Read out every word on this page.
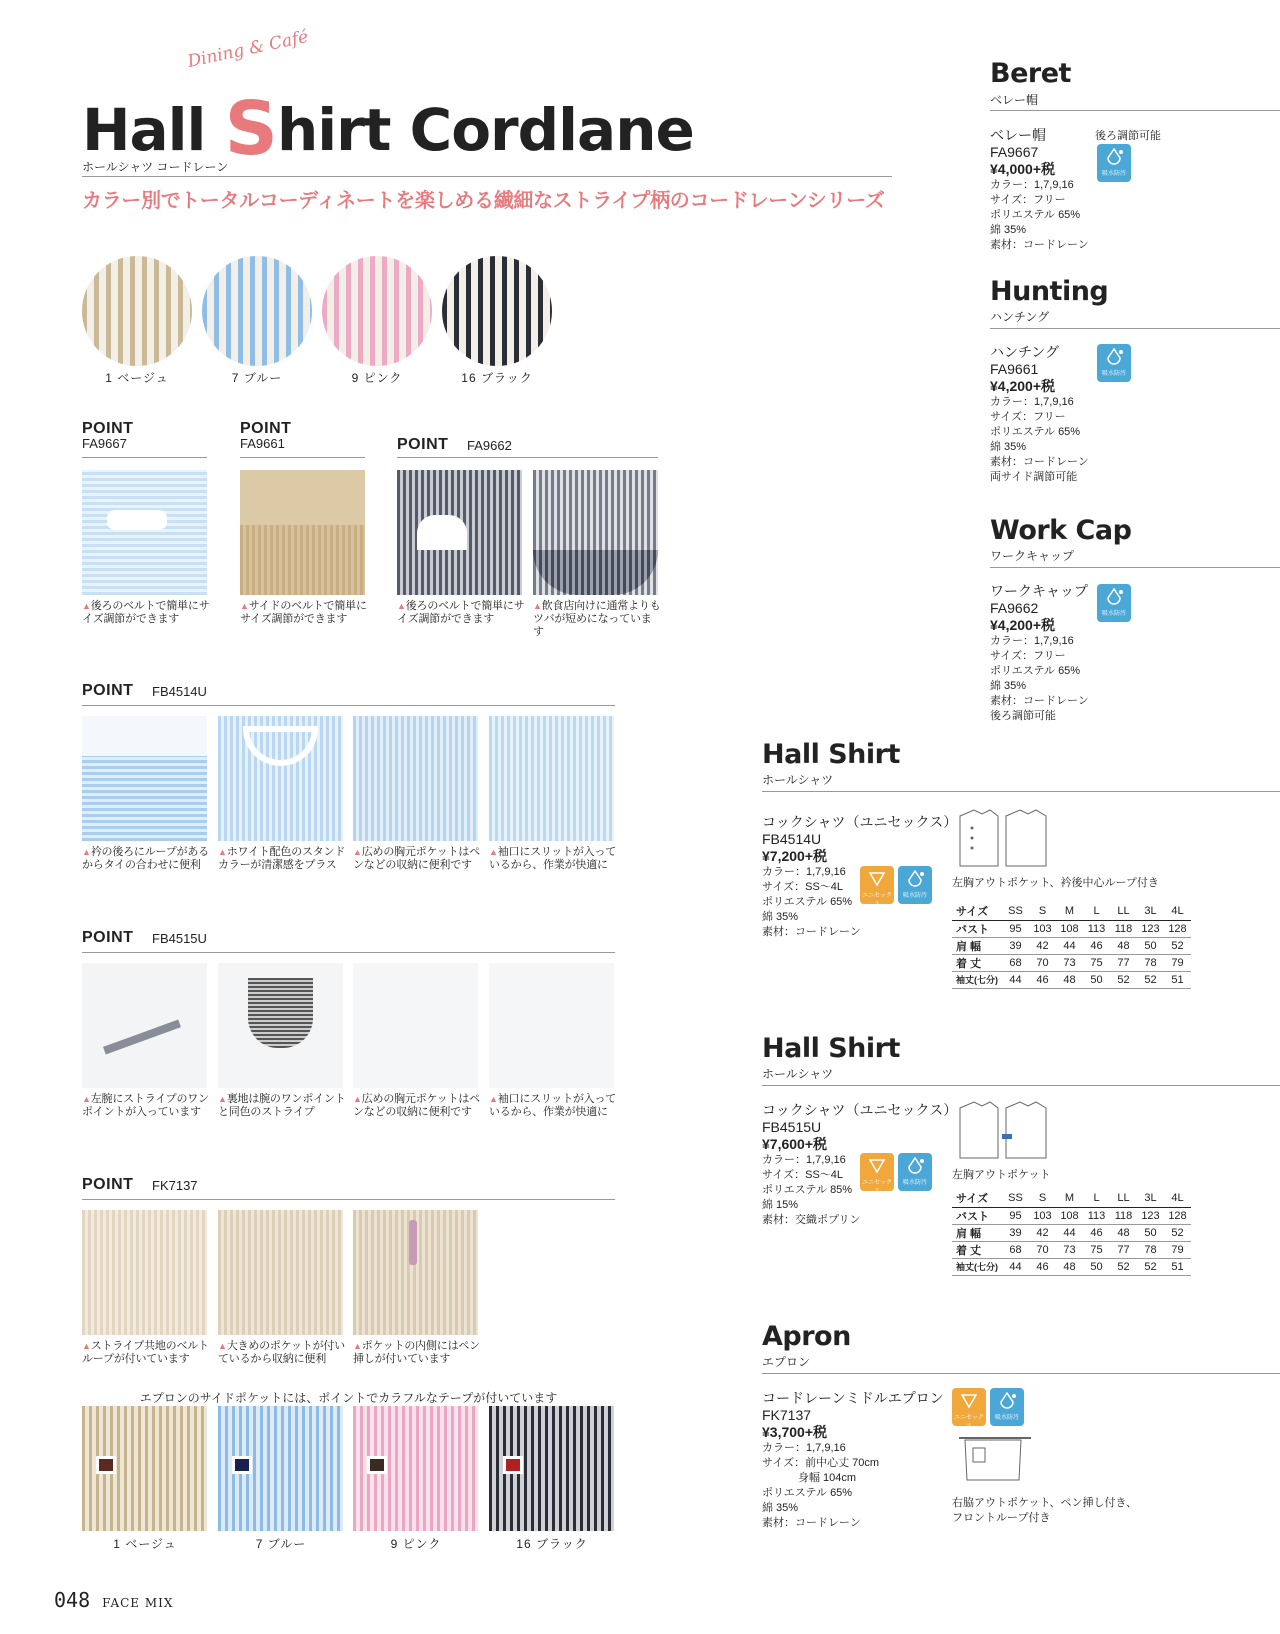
Dining & Café
Hall Shirt Cordlane
ホールシャツ コードレーン
カラー別でトータルコーディネートを楽しめる繊細なストライプ柄のコードレーンシリーズ
1 ベージュ	7 ブルー	9 ピンク	16 ブラック
POINT
FA9667
POINT
FA9661	POINT FA9662
▲ 後ろのベルトで簡単にサイズ調節ができます
▲ サイドのベルトで簡単にサイズ調節ができます
▲ 後ろのベルトで簡単にサイズ調節ができます
▲ 飲食店向けに通常よりもツバが短めになっています
POINT FB4514U
▲ 衿の後ろにループがあるからタイの合わせに便利
▲ ホワイト配色のスタンドカラーが清潔感をプラス
▲ 広めの胸元ポケットはペンなどの収納に便利です
▲ 袖口にスリットが入っているから、作業が快適に
POINT FB4515U
▲ 左腕にストライプのワンポイントが入っています
▲ 裏地は腕のワンポイントと同色のストライプ
▲ 広めの胸元ポケットはペンなどの収納に便利です
▲ 袖口にスリットが入っているから、作業が快適に
POINT FK7137
▲ ストライプ共地のベルトループが付いています
▲ 大きめのポケットが付いているから収納に便利
▲ ポケットの内側にはペン挿しが付いています
エプロンのサイドポケットには、ポイントでカラフルなテープが付いています
1 ベージュ	7 ブルー	9 ピンク	16 ブラック
Beret
ベレー帽
ベレー帽
FA9667
¥4,000+税
カラー：1,7,9,16
サイズ：フリー
ポリエステル 65%
綿 35%
素材：コードレーン
後ろ調節可能
吸水防汚
Hunting
ハンチング
ハンチング
FA9661
¥4,200+税
カラー：1,7,9,16
サイズ：フリー
ポリエステル 65%
綿 35%
素材：コードレーン
両サイド調節可能
吸水防汚
Work Cap
ワークキャップ
ワークキャップ
FA9662
¥4,200+税
カラー：1,7,9,16
サイズ：フリー
ポリエステル 65%
綿 35%
素材：コードレーン
後ろ調節可能
吸水防汚
Hall Shirt
ホールシャツ
コックシャツ（ユニセックス）
FB4514U
¥7,200+税
カラー：1,7,9,16
サイズ：SS～4L
ポリエステル 65%
綿 35%
素材：コードレーン
ユニセックス
吸水防汚
左胸アウトポケット、衿後中心ループ付き
サイズ	SS	S	M	L	LL	3L	4L
バスト	95	103	108	113	118	123	128
肩 幅	39	42	44	46	48	50	52
着 丈	68	70	73	75	77	78	79
袖丈(七分)	44	46	48	50	52	52	51
Hall Shirt
ホールシャツ
コックシャツ（ユニセックス）
FB4515U
¥7,600+税
カラー：1,7,9,16
サイズ：SS～4L
ポリエステル 85%
綿 15%
素材：交織ポプリン
ユニセックス
吸水防汚
左胸アウトポケット
サイズ	SS	S	M	L	LL	3L	4L
バスト	95	103	108	113	118	123	128
肩 幅	39	42	44	46	48	50	52
着 丈	68	70	73	75	77	78	79
袖丈(七分)	44	46	48	50	52	52	51
Apron
エプロン
コードレーンミドルエプロン
FK7137
¥3,700+税
カラー：1,7,9,16
サイズ：前中心丈 70cm
身幅 104cm
ポリエステル 65%
綿 35%
素材：コードレーン
ユニセックス
吸水防汚
右脇アウトポケット、ペン挿し付き、
フロントループ付き
048 FACE MIX
